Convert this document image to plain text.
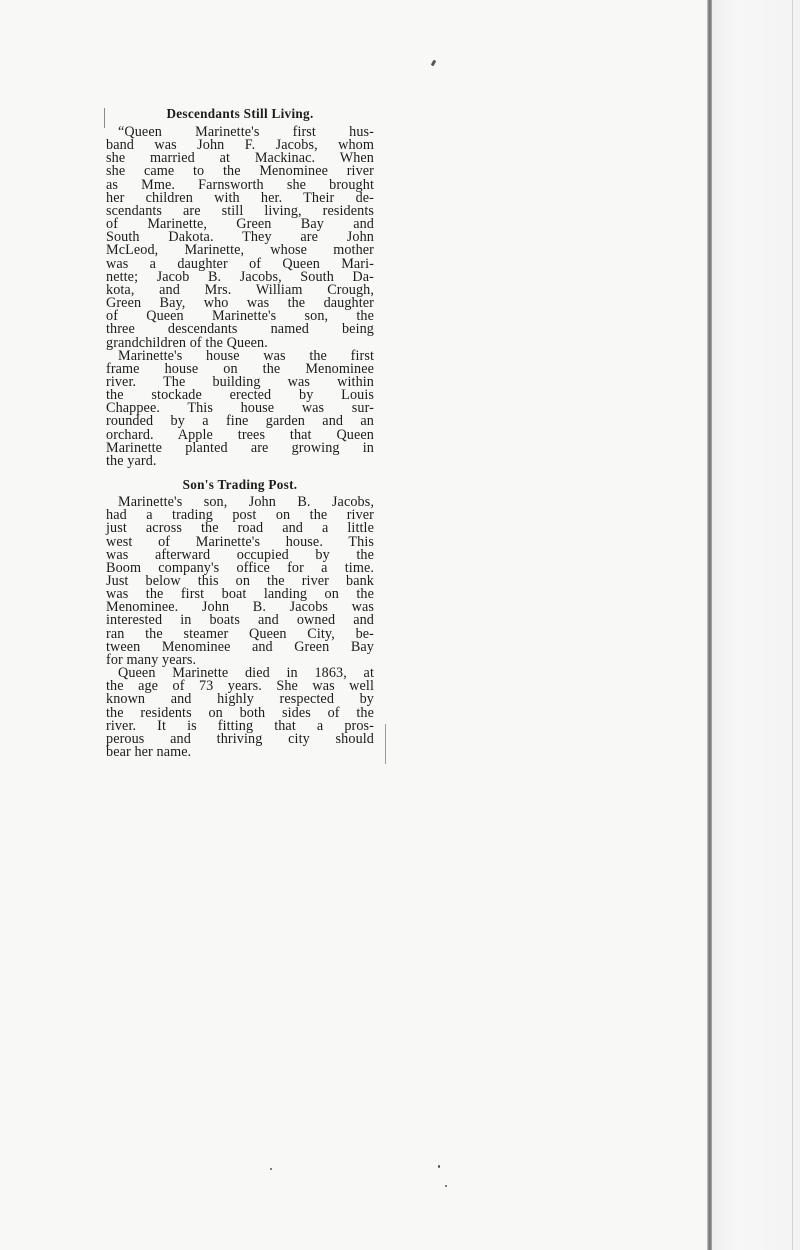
Descendants Still Living.
“Queen Marinette's first hus-
band was John F. Jacobs, whom
she married at Mackinac. When
she came to the Menominee river
as Mme. Farnsworth she brought
her children with her. Their de-
scendants are still living, residents
of Marinette, Green Bay and
South Dakota. They are John
McLeod, Marinette, whose mother
was a daughter of Queen Mari-
nette; Jacob B. Jacobs, South Da-
kota, and Mrs. William Crough,
Green Bay, who was the daughter
of Queen Marinette's son, the
three descendants named being
grandchildren of the Queen.
Marinette's house was the first
frame house on the Menominee
river. The building was within
the stockade erected by Louis
Chappee. This house was sur-
rounded by a fine garden and an
orchard. Apple trees that Queen
Marinette planted are growing in
the yard.
Son's Trading Post.
Marinette's son, John B. Jacobs,
had a trading post on the river
just across the road and a little
west of Marinette's house. This
was afterward occupied by the
Boom company's office for a time.
Just below this on the river bank
was the first boat landing on the
Menominee. John B. Jacobs was
interested in boats and owned and
ran the steamer Queen City, be-
tween Menominee and Green Bay
for many years.
Queen Marinette died in 1863, at
the age of 73 years. She was well
known and highly respected by
the residents on both sides of the
river. It is fitting that a pros-
perous and thriving city should
bear her name.
